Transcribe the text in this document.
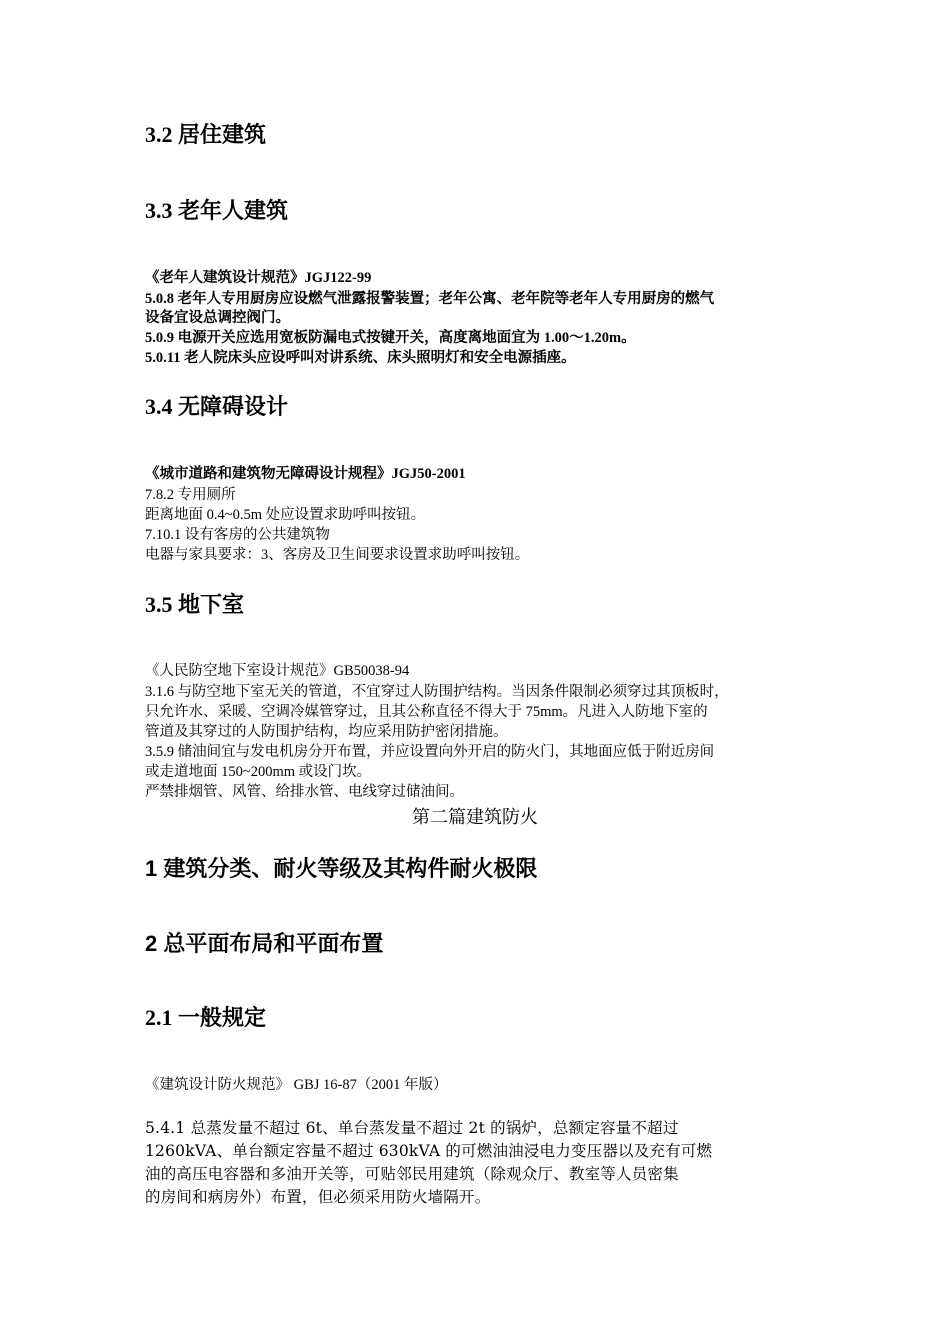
3.2 居住建筑
3.3 老年人建筑
《老年人建筑设计规范》JGJ122-99
5.0.8 老年人专用厨房应设燃气泄露报警装置；老年公寓、老年院等老年人专用厨房的燃气
设备宜设总调控阀门。
5.0.9 电源开关应选用宽板防漏电式按键开关，高度离地面宜为 1.00～1.20m。
5.0.11 老人院床头应设呼叫对讲系统、床头照明灯和安全电源插座。
3.4 无障碍设计
《城市道路和建筑物无障碍设计规程》JGJ50-2001
7.8.2 专用厕所
距离地面 0.4~0.5m 处应设置求助呼叫按钮。
7.10.1 设有客房的公共建筑物
电器与家具要求：3、客房及卫生间要求设置求助呼叫按钮。
3.5 地下室
《人民防空地下室设计规范》GB50038-94
3.1.6 与防空地下室无关的管道，不宜穿过人防围护结构。当因条件限制必须穿过其顶板时，
只允许水、采暖、空调冷媒管穿过，且其公称直径不得大于 75mm。凡进入人防地下室的
管道及其穿过的人防围护结构，均应采用防护密闭措施。
3.5.9 储油间宜与发电机房分开布置，并应设置向外开启的防火门，其地面应低于附近房间
或走道地面 150~200mm 或设门坎。
严禁排烟管、风管、给排水管、电线穿过储油间。
第二篇建筑防火
1 建筑分类、耐火等级及其构件耐火极限
2 总平面布局和平面布置
2.1 一般规定
《建筑设计防火规范》 GBJ 16-87（2001 年版）
5.4.1 总蒸发量不超过 6t、单台蒸发量不超过 2t 的锅炉，总额定容量不超过
1260kVA、单台额定容量不超过 630kVA 的可燃油油浸电力变压器以及充有可燃
油的高压电容器和多油开关等，可贴邻民用建筑（除观众厅、教室等人员密集
的房间和病房外）布置，但必须采用防火墙隔开。
